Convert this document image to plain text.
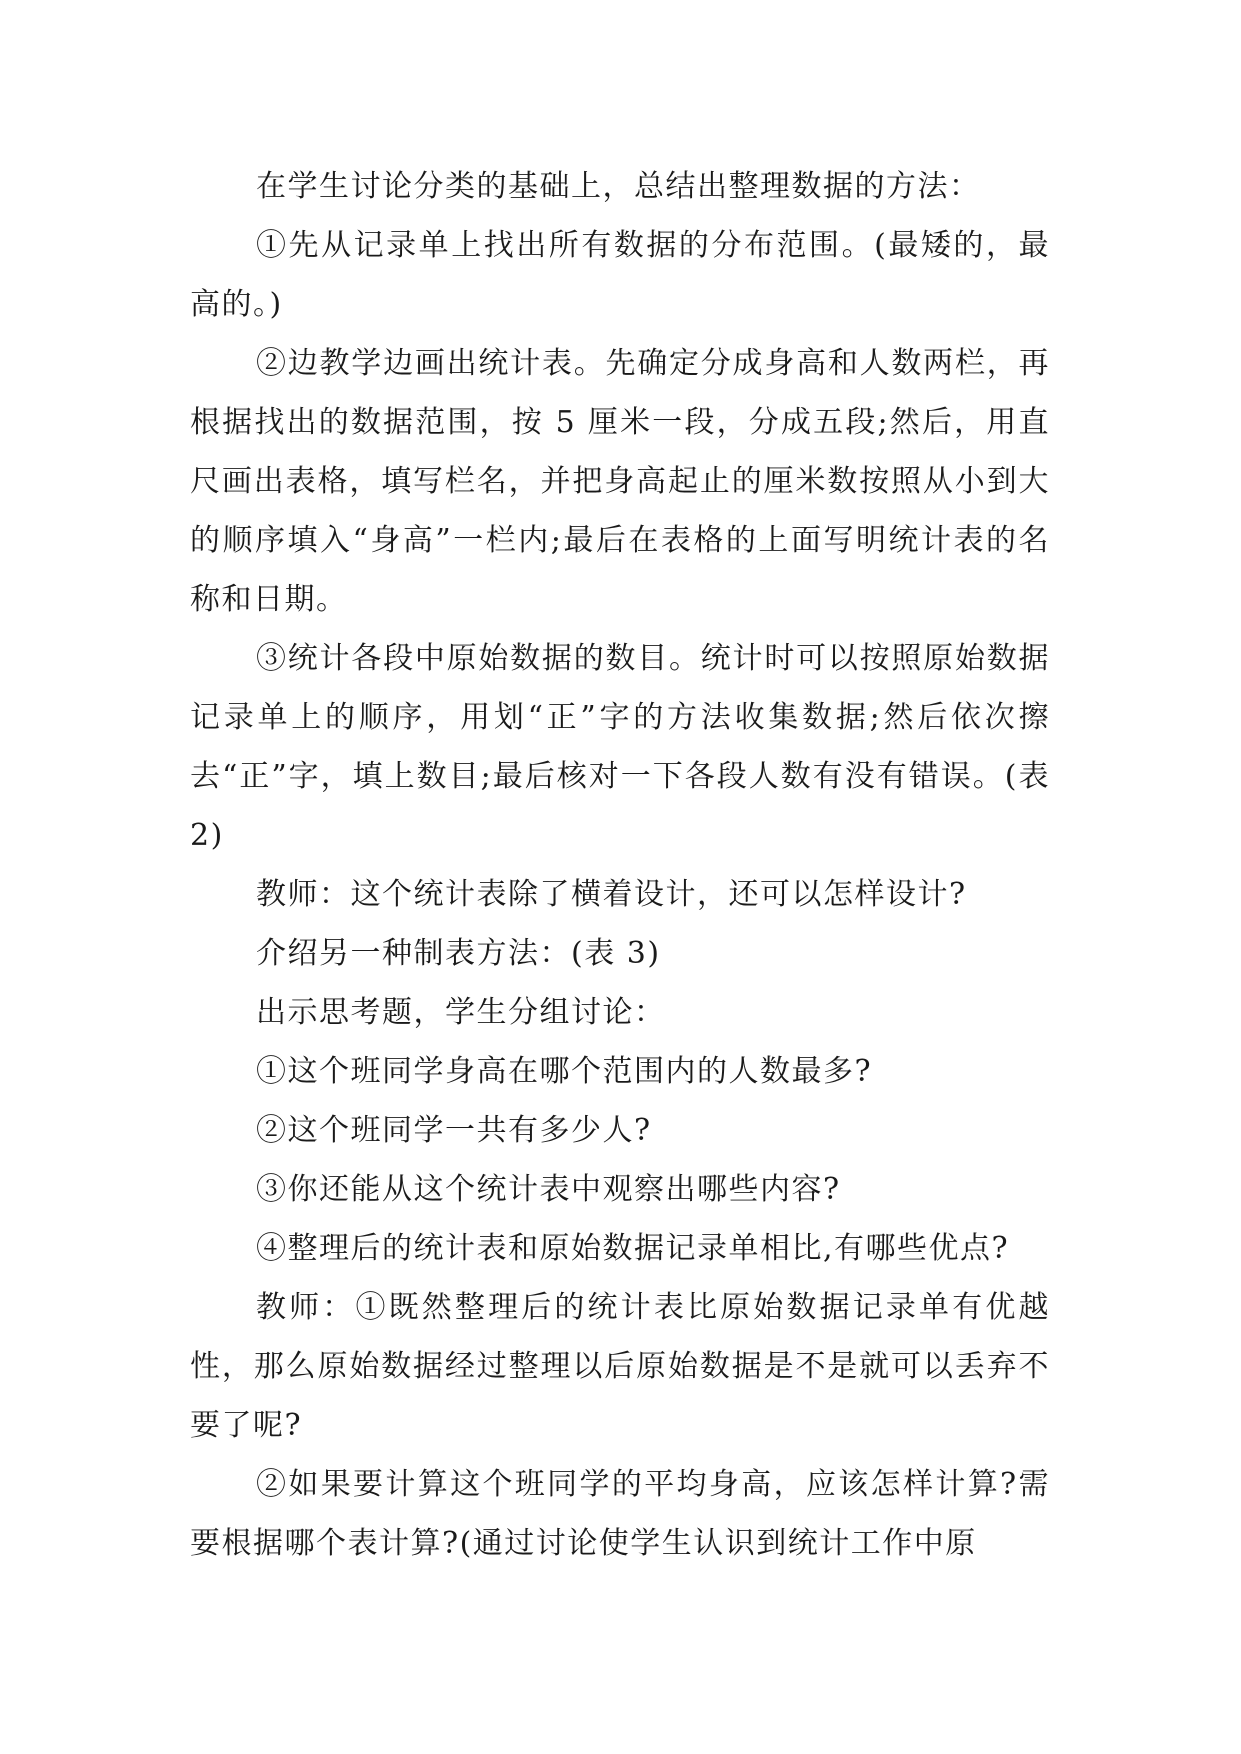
在学生讨论分类的基础上，总结出整理数据的方法：

①先从记录单上找出所有数据的分布范围。(最矮的，最高的。)

②边教学边画出统计表。先确定分成身高和人数两栏，再根据找出的数据范围，按 5 厘米一段，分成五段;然后，用直尺画出表格，填写栏名，并把身高起止的厘米数按照从小到大的顺序填入“身高”一栏内;最后在表格的上面写明统计表的名称和日期。

③统计各段中原始数据的数目。统计时可以按照原始数据记录单上的顺序，用划“正”字的方法收集数据;然后依次擦去“正”字，填上数目;最后核对一下各段人数有没有错误。(表 2)

教师：这个统计表除了横着设计，还可以怎样设计?

介绍另一种制表方法：(表 3)

出示思考题，学生分组讨论：

①这个班同学身高在哪个范围内的人数最多?

②这个班同学一共有多少人?

③你还能从这个统计表中观察出哪些内容?

④整理后的统计表和原始数据记录单相比,有哪些优点?

教师：①既然整理后的统计表比原始数据记录单有优越性，那么原始数据经过整理以后原始数据是不是就可以丢弃不要了呢?

②如果要计算这个班同学的平均身高，应该怎样计算?需要根据哪个表计算?(通过讨论使学生认识到统计工作中原
